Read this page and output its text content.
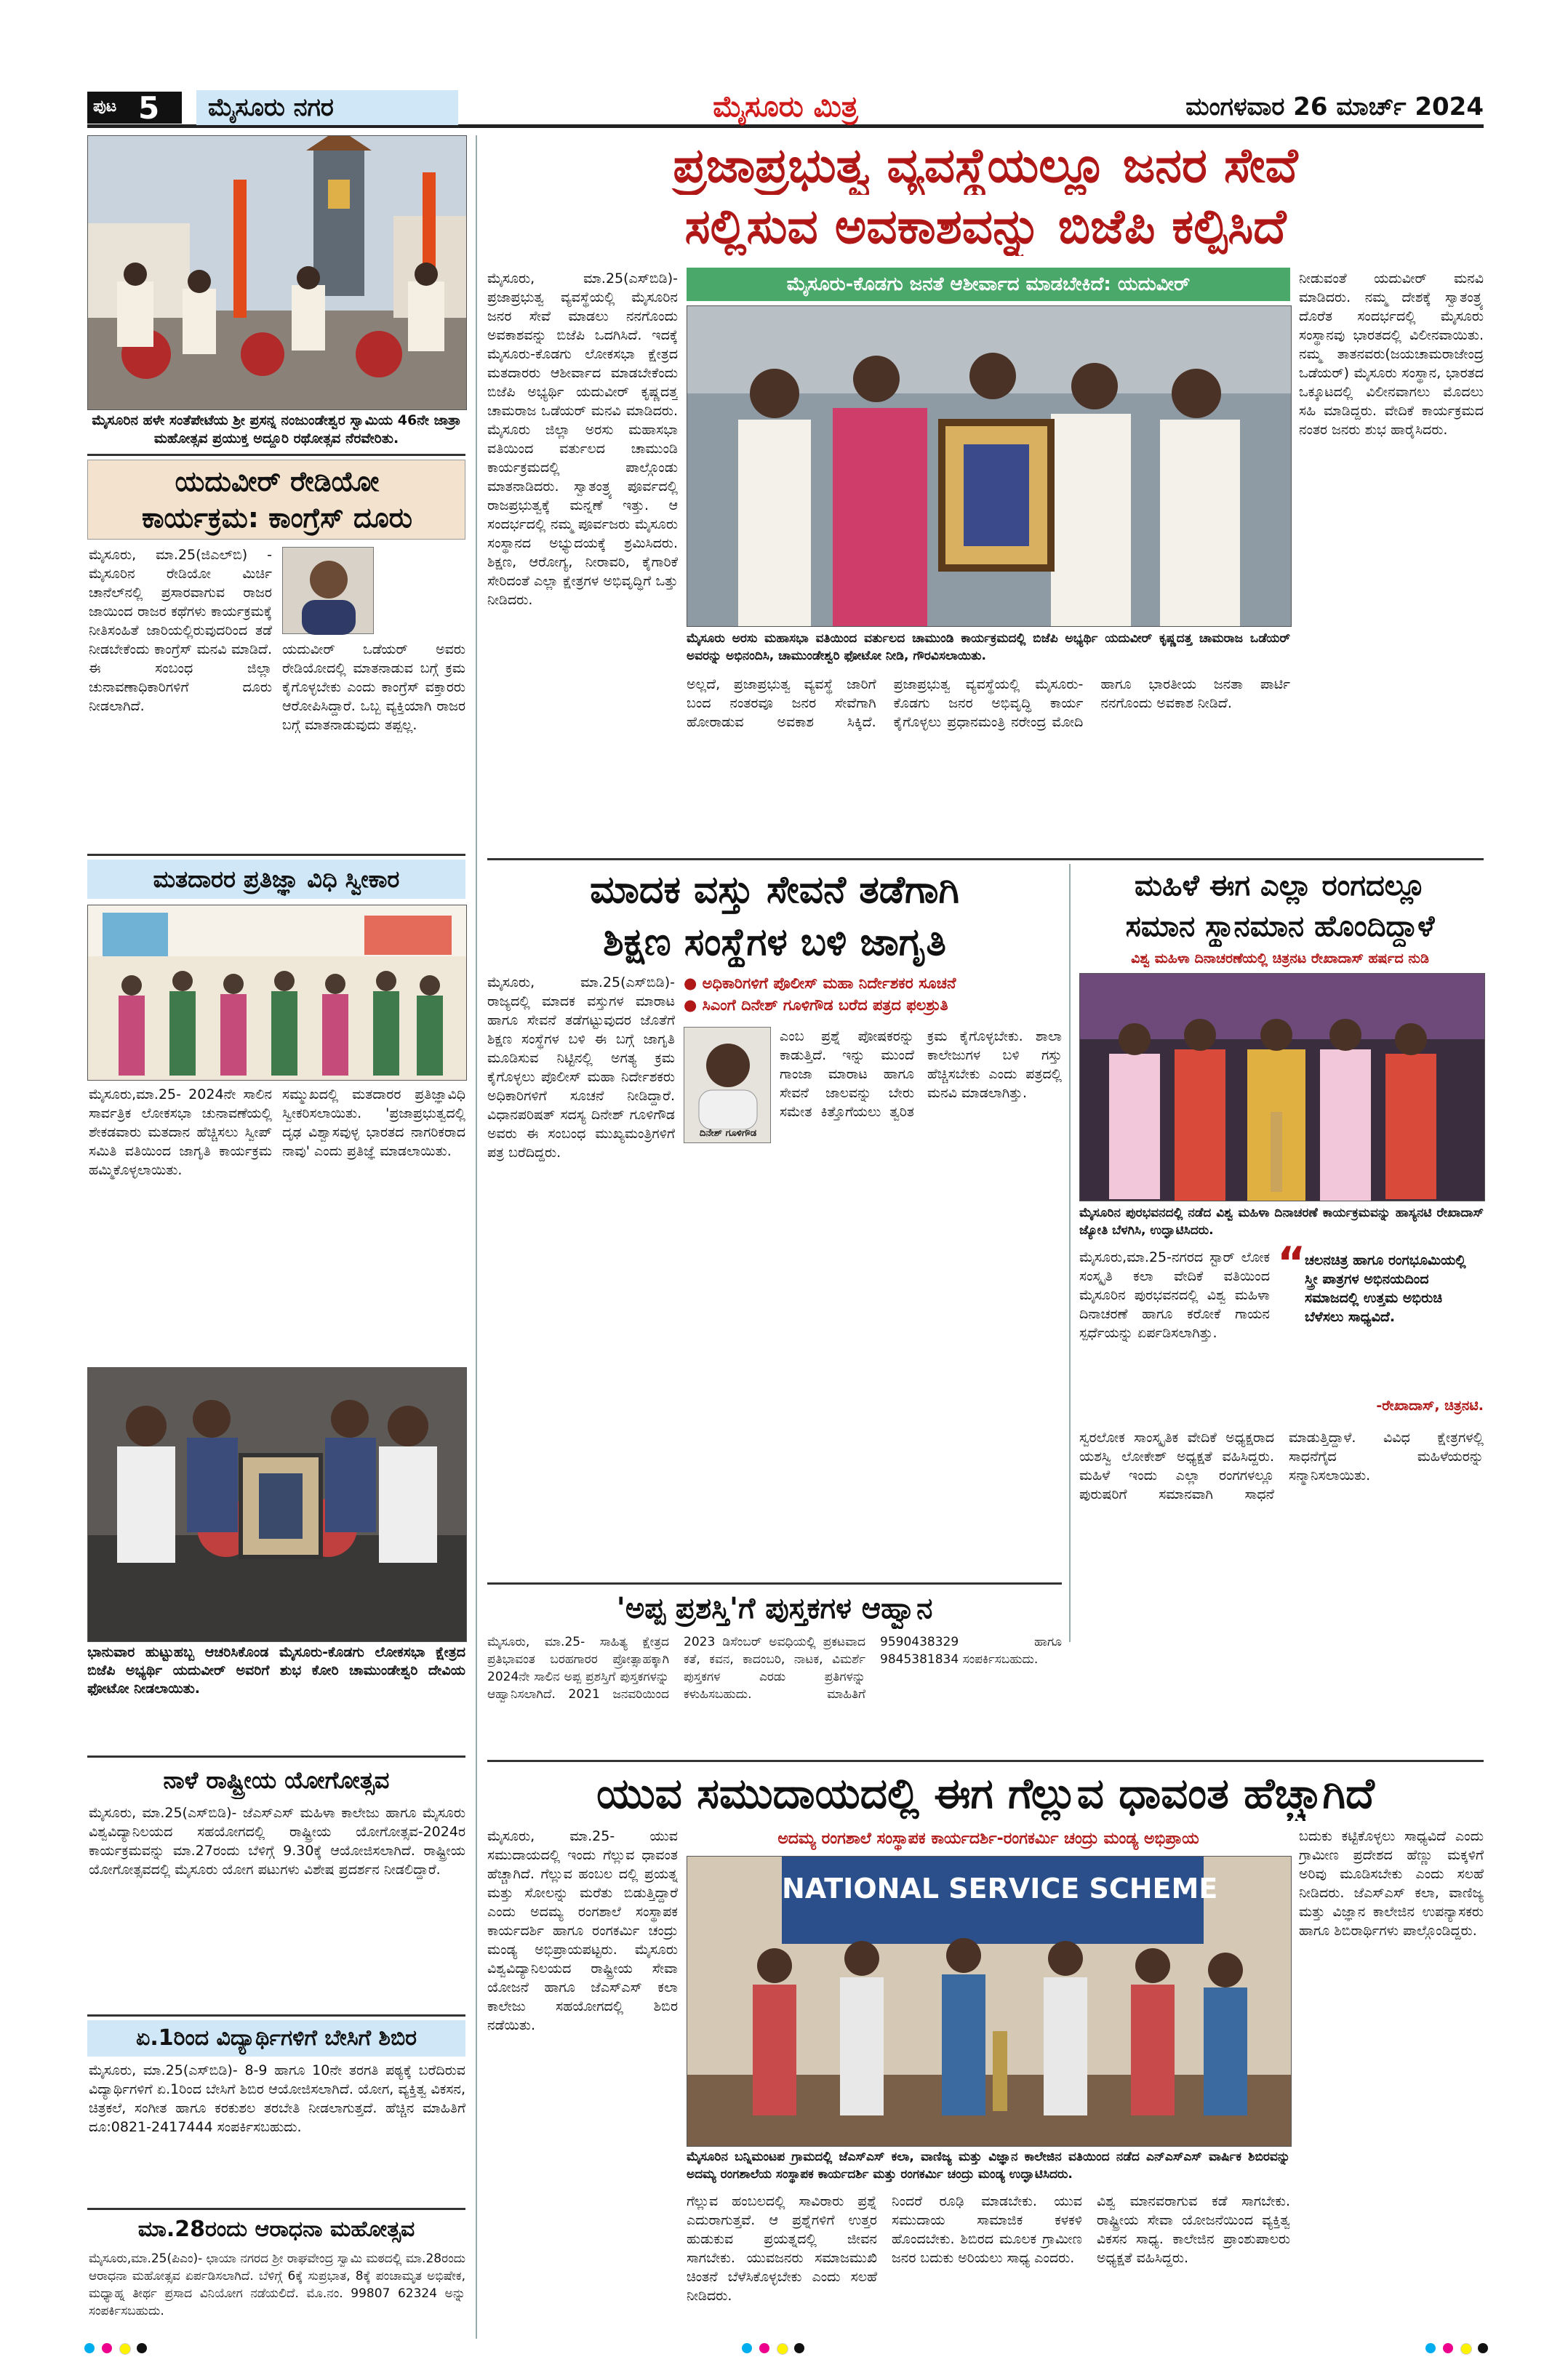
ಪುಟ 5	ಮೈಸೂರು ನಗರ	ಮೈಸೂರು ಮಿತ್ರ	ಮಂಗಳವಾರ 26 ಮಾರ್ಚ್ 2024
ಮೈಸೂರಿನ ಹಳೇ ಸಂತೆಪೇಟೆಯ ಶ್ರೀ ಪ್ರಸನ್ನ ನಂಜುಂಡೇಶ್ವರ ಸ್ವಾಮಿಯ 46ನೇ ಜಾತ್ರಾ ಮಹೋತ್ಸವ ಪ್ರಯುಕ್ತ ಅದ್ದೂರಿ ರಥೋತ್ಸವ ನೆರವೇರಿತು.
ಯದುವೀರ್ ರೇಡಿಯೋ
ಕಾರ್ಯಕ್ರಮ: ಕಾಂಗ್ರೆಸ್ ದೂರು
ಮೈಸೂರು, ಮಾ.25(ಜಿಎಲ್‌ಬಿ) - ಮೈಸೂರಿನ ರೇಡಿಯೋ ಮಿರ್ಚಿ ಚಾನೆಲ್‌ನಲ್ಲಿ ಪ್ರಸಾರವಾಗುವ ರಾಜರ ಜಾಯಿಂದ ರಾಜರ ಕಥೆಗಳು ಕಾರ್ಯಕ್ರಮಕ್ಕೆ ನೀತಿಸಂಹಿತೆ ಜಾರಿಯಲ್ಲಿರುವುದರಿಂದ ತಡೆ ನೀಡಬೇಕೆಂದು ಕಾಂಗ್ರೆಸ್ ಮನವಿ ಮಾಡಿದೆ. ಈ ಸಂಬಂಧ ಜಿಲ್ಲಾ ಚುನಾವಣಾಧಿಕಾರಿಗಳಿಗೆ ದೂರು ನೀಡಲಾಗಿದೆ.
ಯದುವೀರ್ ಒಡೆಯರ್ ಅವರು ರೇಡಿಯೋದಲ್ಲಿ ಮಾತನಾಡುವ ಬಗ್ಗೆ ಕ್ರಮ ಕೈಗೊಳ್ಳಬೇಕು ಎಂದು ಕಾಂಗ್ರೆಸ್ ವಕ್ತಾರರು ಆರೋಪಿಸಿದ್ದಾರೆ. ಒಬ್ಬ ವ್ಯಕ್ತಿಯಾಗಿ ರಾಜರ ಬಗ್ಗೆ ಮಾತನಾಡುವುದು ತಪ್ಪಲ್ಲ.
ಮತದಾರರ ಪ್ರತಿಜ್ಞಾ ವಿಧಿ ಸ್ವೀಕಾರ
ಮೈಸೂರು,ಮಾ.25- 2024ನೇ ಸಾಲಿನ ಸಾರ್ವತ್ರಿಕ ಲೋಕಸಭಾ ಚುನಾವಣೆಯಲ್ಲಿ ಶೇಕಡವಾರು ಮತದಾನ ಹೆಚ್ಚಿಸಲು ಸ್ವೀಪ್ ಸಮಿತಿ ವತಿಯಿಂದ ಜಾಗೃತಿ ಕಾರ್ಯಕ್ರಮ ಹಮ್ಮಿಕೊಳ್ಳಲಾಯಿತು.
ಸಮ್ಮುಖದಲ್ಲಿ ಮತದಾರರ ಪ್ರತಿಜ್ಞಾವಿಧಿ ಸ್ವೀಕರಿಸಲಾಯಿತು. 'ಪ್ರಜಾಪ್ರಭುತ್ವದಲ್ಲಿ ದೃಢ ವಿಶ್ವಾಸವುಳ್ಳ ಭಾರತದ ನಾಗರಿಕರಾದ ನಾವು' ಎಂದು ಪ್ರತಿಜ್ಞೆ ಮಾಡಲಾಯಿತು.
ಭಾನುವಾರ ಹುಟ್ಟುಹಬ್ಬ ಆಚರಿಸಿಕೊಂಡ ಮೈಸೂರು-ಕೊಡಗು ಲೋಕಸಭಾ ಕ್ಷೇತ್ರದ ಬಿಜೆಪಿ ಅಭ್ಯರ್ಥಿ ಯದುವೀರ್ ಅವರಿಗೆ ಶುಭ ಕೋರಿ ಚಾಮುಂಡೇಶ್ವರಿ ದೇವಿಯ ಫೋಟೋ ನೀಡಲಾಯಿತು.
ನಾಳೆ ರಾಷ್ಟ್ರೀಯ ಯೋಗೋತ್ಸವ
ಮೈಸೂರು, ಮಾ.25(ಎಸ್‌ಬಿಡಿ)- ಜೆಎಸ್‌ಎಸ್ ಮಹಿಳಾ ಕಾಲೇಜು ಹಾಗೂ ಮೈಸೂರು ವಿಶ್ವವಿದ್ಯಾನಿಲಯದ ಸಹಯೋಗದಲ್ಲಿ ರಾಷ್ಟ್ರೀಯ ಯೋಗೋತ್ಸವ-2024ರ ಕಾರ್ಯಕ್ರಮವನ್ನು ಮಾ.27ರಂದು ಬೆಳಿಗ್ಗೆ 9.30ಕ್ಕೆ ಆಯೋಜಿಸಲಾಗಿದೆ. ರಾಷ್ಟ್ರೀಯ ಯೋಗೋತ್ಸವದಲ್ಲಿ ಮೈಸೂರು ಯೋಗ ಪಟುಗಳು ವಿಶೇಷ ಪ್ರದರ್ಶನ ನೀಡಲಿದ್ದಾರೆ.
ಏ.1ರಿಂದ ವಿದ್ಯಾರ್ಥಿಗಳಿಗೆ ಬೇಸಿಗೆ ಶಿಬಿರ
ಮೈಸೂರು, ಮಾ.25(ಎಸ್‌ಬಿಡಿ)- 8-9 ಹಾಗೂ 10ನೇ ತರಗತಿ ಪಠ್ಯಕ್ಕೆ ಬರೆದಿರುವ ವಿದ್ಯಾರ್ಥಿಗಳಿಗೆ ಏ.1ರಿಂದ ಬೇಸಿಗೆ ಶಿಬಿರ ಆಯೋಜಿಸಲಾಗಿದೆ. ಯೋಗ, ವ್ಯಕ್ತಿತ್ವ ವಿಕಸನ, ಚಿತ್ರಕಲೆ, ಸಂಗೀತ ಹಾಗೂ ಕರಕುಶಲ ತರಬೇತಿ ನೀಡಲಾಗುತ್ತದೆ. ಹೆಚ್ಚಿನ ಮಾಹಿತಿಗೆ ದೂ:0821-2417444 ಸಂಪರ್ಕಿಸಬಹುದು.
ಮಾ.28ರಂದು ಆರಾಧನಾ ಮಹೋತ್ಸವ
ಮೈಸೂರು,ಮಾ.25(ಪಿಎಂ)- ಛಾಯಾ ನಗರದ ಶ್ರೀ ರಾಘವೇಂದ್ರ ಸ್ವಾಮಿ ಮಠದಲ್ಲಿ ಮಾ.28ರಂದು ಆರಾಧನಾ ಮಹೋತ್ಸವ ಏರ್ಪಡಿಸಲಾಗಿದೆ. ಬೆಳಿಗ್ಗೆ 6ಕ್ಕೆ ಸುಪ್ರಭಾತ, 8ಕ್ಕೆ ಪಂಚಾಮೃತ ಅಭಿಷೇಕ, ಮಧ್ಯಾಹ್ನ ತೀರ್ಥ ಪ್ರಸಾದ ವಿನಿಯೋಗ ನಡೆಯಲಿದೆ. ಮೊ.ನಂ. 99807 62324 ಅನ್ನು ಸಂಪರ್ಕಿಸಬಹುದು.
ಪ್ರಜಾಪ್ರಭುತ್ವ ವ್ಯವಸ್ಥೆಯಲ್ಲೂ ಜನರ ಸೇವೆ
ಸಲ್ಲಿಸುವ ಅವಕಾಶವನ್ನು ಬಿಜೆಪಿ ಕಲ್ಪಿಸಿದೆ
ಮೈಸೂರು, ಮಾ.25(ಎಸ್‌ಬಿಡಿ)- ಪ್ರಜಾಪ್ರಭುತ್ವ ವ್ಯವಸ್ಥೆಯಲ್ಲಿ ಮೈಸೂರಿನ ಜನರ ಸೇವೆ ಮಾಡಲು ನನಗೊಂದು ಅವಕಾಶವನ್ನು ಬಿಜೆಪಿ ಒದಗಿಸಿದೆ. ಇದಕ್ಕೆ ಮೈಸೂರು-ಕೊಡಗು ಲೋಕಸಭಾ ಕ್ಷೇತ್ರದ ಮತದಾರರು ಆಶೀರ್ವಾದ ಮಾಡಬೇಕೆಂದು ಬಿಜೆಪಿ ಅಭ್ಯರ್ಥಿ ಯದುವೀರ್ ಕೃಷ್ಣದತ್ತ ಚಾಮರಾಜ ಒಡೆಯರ್ ಮನವಿ ಮಾಡಿದರು. ಮೈಸೂರು ಜಿಲ್ಲಾ ಅರಸು ಮಹಾಸಭಾ ವತಿಯಿಂದ ವರ್ತುಲದ ಚಾಮುಂಡಿ ಕಾರ್ಯಕ್ರಮದಲ್ಲಿ ಪಾಲ್ಗೊಂಡು ಮಾತನಾಡಿದರು. ಸ್ವಾತಂತ್ರ್ಯ ಪೂರ್ವದಲ್ಲಿ ರಾಜಪ್ರಭುತ್ವಕ್ಕೆ ಮನ್ನಣೆ ಇತ್ತು. ಆ ಸಂದರ್ಭದಲ್ಲಿ ನಮ್ಮ ಪೂರ್ವಜರು ಮೈಸೂರು ಸಂಸ್ಥಾನದ ಅಭ್ಯುದಯಕ್ಕೆ ಶ್ರಮಿಸಿದರು. ಶಿಕ್ಷಣ, ಆರೋಗ್ಯ, ನೀರಾವರಿ, ಕೈಗಾರಿಕೆ ಸೇರಿದಂತೆ ಎಲ್ಲಾ ಕ್ಷೇತ್ರಗಳ ಅಭಿವೃದ್ಧಿಗೆ ಒತ್ತು ನೀಡಿದರು.
ಮೈಸೂರು-ಕೊಡಗು ಜನತೆ ಆಶೀರ್ವಾದ ಮಾಡಬೇಕಿದೆ: ಯದುವೀರ್
ಮೈಸೂರು ಅರಸು ಮಹಾಸಭಾ ವತಿಯಿಂದ ವರ್ತುಲದ ಚಾಮುಂಡಿ ಕಾರ್ಯಕ್ರಮದಲ್ಲಿ ಬಿಜೆಪಿ ಅಭ್ಯರ್ಥಿ ಯದುವೀರ್ ಕೃಷ್ಣದತ್ತ ಚಾಮರಾಜ ಒಡೆಯರ್ ಅವರನ್ನು ಅಭಿನಂದಿಸಿ, ಚಾಮುಂಡೇಶ್ವರಿ ಫೋಟೋ ನೀಡಿ, ಗೌರವಿಸಲಾಯಿತು.
ಅಲ್ಲದೆ, ಪ್ರಜಾಪ್ರಭುತ್ವ ವ್ಯವಸ್ಥೆ ಜಾರಿಗೆ ಬಂದ ನಂತರವೂ ಜನರ ಸೇವೆಗಾಗಿ ಹೋರಾಡುವ ಅವಕಾಶ ಸಿಕ್ಕಿದೆ. ಪ್ರಜಾಪ್ರಭುತ್ವ ವ್ಯವಸ್ಥೆಯಲ್ಲಿ ಮೈಸೂರು-ಕೊಡಗು ಜನರ ಅಭಿವೃದ್ಧಿ ಕಾರ್ಯ ಕೈಗೊಳ್ಳಲು ಪ್ರಧಾನಮಂತ್ರಿ ನರೇಂದ್ರ ಮೋದಿ ಹಾಗೂ ಭಾರತೀಯ ಜನತಾ ಪಾರ್ಟಿ ನನಗೊಂದು ಅವಕಾಶ ನೀಡಿದೆ.
ನೀಡುವಂತೆ ಯದುವೀರ್ ಮನವಿ ಮಾಡಿದರು. ನಮ್ಮ ದೇಶಕ್ಕೆ ಸ್ವಾತಂತ್ರ್ಯ ದೊರೆತ ಸಂದರ್ಭದಲ್ಲಿ ಮೈಸೂರು ಸಂಸ್ಥಾನವು ಭಾರತದಲ್ಲಿ ವಿಲೀನವಾಯಿತು. ನಮ್ಮ ತಾತನವರು(ಜಯಚಾಮರಾಜೇಂದ್ರ ಒಡೆಯರ್) ಮೈಸೂರು ಸಂಸ್ಥಾನ, ಭಾರತದ ಒಕ್ಕೂಟದಲ್ಲಿ ವಿಲೀನವಾಗಲು ಮೊದಲು ಸಹಿ ಮಾಡಿದ್ದರು. ವೇದಿಕೆ ಕಾರ್ಯಕ್ರಮದ ನಂತರ ಜನರು ಶುಭ ಹಾರೈಸಿದರು.
ಮಾದಕ ವಸ್ತು ಸೇವನೆ ತಡೆಗಾಗಿ
ಶಿಕ್ಷಣ ಸಂಸ್ಥೆಗಳ ಬಳಿ ಜಾಗೃತಿ
● ಅಧಿಕಾರಿಗಳಿಗೆ ಪೊಲೀಸ್ ಮಹಾ ನಿರ್ದೇಶಕರ ಸೂಚನೆ
● ಸಿಎಂಗೆ ದಿನೇಶ್ ಗೂಳಿಗೌಡ ಬರೆದ ಪತ್ರದ ಫಲಶ್ರುತಿ
ಮೈಸೂರು, ಮಾ.25(ಎಸ್‌ಬಿಡಿ)- ರಾಜ್ಯದಲ್ಲಿ ಮಾದಕ ವಸ್ತುಗಳ ಮಾರಾಟ ಹಾಗೂ ಸೇವನೆ ತಡೆಗಟ್ಟುವುದರ ಜೊತೆಗೆ ಶಿಕ್ಷಣ ಸಂಸ್ಥೆಗಳ ಬಳಿ ಈ ಬಗ್ಗೆ ಜಾಗೃತಿ ಮೂಡಿಸುವ ನಿಟ್ಟಿನಲ್ಲಿ ಅಗತ್ಯ ಕ್ರಮ ಕೈಗೊಳ್ಳಲು ಪೊಲೀಸ್ ಮಹಾ ನಿರ್ದೇಶಕರು ಅಧಿಕಾರಿಗಳಿಗೆ ಸೂಚನೆ ನೀಡಿದ್ದಾರೆ. ವಿಧಾನಪರಿಷತ್ ಸದಸ್ಯ ದಿನೇಶ್ ಗೂಳಿಗೌಡ ಅವರು ಈ ಸಂಬಂಧ ಮುಖ್ಯಮಂತ್ರಿಗಳಿಗೆ ಪತ್ರ ಬರೆದಿದ್ದರು.
ದಿನೇಶ್ ಗೂಳಿಗೌಡ
ಎಂಬ ಪ್ರಶ್ನೆ ಪೋಷಕರನ್ನು ಕಾಡುತ್ತಿದೆ. ಇನ್ನು ಮುಂದೆ ಗಾಂಜಾ ಮಾರಾಟ ಹಾಗೂ ಸೇವನೆ ಜಾಲವನ್ನು ಬೇರು ಸಮೇತ ಕಿತ್ತೊಗೆಯಲು ತ್ವರಿತ ಕ್ರಮ ಕೈಗೊಳ್ಳಬೇಕು. ಶಾಲಾ ಕಾಲೇಜುಗಳ ಬಳಿ ಗಸ್ತು ಹೆಚ್ಚಿಸಬೇಕು ಎಂದು ಪತ್ರದಲ್ಲಿ ಮನವಿ ಮಾಡಲಾಗಿತ್ತು.
ಮಹಿಳೆ ಈಗ ಎಲ್ಲಾ ರಂಗದಲ್ಲೂ
ಸಮಾನ ಸ್ಥಾನಮಾನ ಹೊಂದಿದ್ದಾಳೆ
ವಿಶ್ವ ಮಹಿಳಾ ದಿನಾಚರಣೆಯಲ್ಲಿ ಚಿತ್ರನಟ ರೇಖಾದಾಸ್ ಹರ್ಷದ ನುಡಿ
ಮೈಸೂರಿನ ಪುರಭವನದಲ್ಲಿ ನಡೆದ ವಿಶ್ವ ಮಹಿಳಾ ದಿನಾಚರಣೆ ಕಾರ್ಯಕ್ರಮವನ್ನು ಹಾಸ್ಯನಟಿ ರೇಖಾದಾಸ್ ಜ್ಯೋತಿ ಬೆಳಗಿಸಿ, ಉದ್ಘಾಟಿಸಿದರು.
ಮೈಸೂರು,ಮಾ.25-ನಗರದ ಸ್ಟಾರ್ ಲೋಕ ಸಂಸ್ಕೃತಿ ಕಲಾ ವೇದಿಕೆ ವತಿಯಿಂದ ಮೈಸೂರಿನ ಪುರಭವನದಲ್ಲಿ ವಿಶ್ವ ಮಹಿಳಾ ದಿನಾಚರಣೆ ಹಾಗೂ ಕರೋಕೆ ಗಾಯನ ಸ್ಪರ್ಧೆಯನ್ನು ಏರ್ಪಡಿಸಲಾಗಿತ್ತು.
“
ಚಲನಚಿತ್ರ ಹಾಗೂ ರಂಗಭೂಮಿಯಲ್ಲಿ ಸ್ತ್ರೀ ಪಾತ್ರಗಳ ಅಭಿನಯದಿಂದ ಸಮಾಜದಲ್ಲಿ ಉತ್ತಮ ಅಭಿರುಚಿ ಬೆಳೆಸಲು ಸಾಧ್ಯವಿದೆ.
-ರೇಖಾದಾಸ್, ಚಿತ್ರನಟಿ.
ಸ್ವರಲೋಕ ಸಾಂಸ್ಕೃತಿಕ ವೇದಿಕೆ ಅಧ್ಯಕ್ಷರಾದ ಯಶಸ್ವಿ ಲೋಕೇಶ್ ಅಧ್ಯಕ್ಷತೆ ವಹಿಸಿದ್ದರು. ಮಹಿಳೆ ಇಂದು ಎಲ್ಲಾ ರಂಗಗಳಲ್ಲೂ ಪುರುಷರಿಗೆ ಸಮಾನವಾಗಿ ಸಾಧನೆ ಮಾಡುತ್ತಿದ್ದಾಳೆ. ವಿವಿಧ ಕ್ಷೇತ್ರಗಳಲ್ಲಿ ಸಾಧನೆಗೈದ ಮಹಿಳೆಯರನ್ನು ಸನ್ಮಾನಿಸಲಾಯಿತು.
'ಅಪ್ಪ ಪ್ರಶಸ್ತಿ'ಗೆ ಪುಸ್ತಕಗಳ ಆಹ್ವಾನ
ಮೈಸೂರು, ಮಾ.25- ಸಾಹಿತ್ಯ ಕ್ಷೇತ್ರದ ಪ್ರತಿಭಾವಂತ ಬರಹಗಾರರ ಪ್ರೋತ್ಸಾಹಕ್ಕಾಗಿ 2024ನೇ ಸಾಲಿನ ಅಪ್ಪ ಪ್ರಶಸ್ತಿಗೆ ಪುಸ್ತಕಗಳನ್ನು ಆಹ್ವಾನಿಸಲಾಗಿದೆ. 2021 ಜನವರಿಯಿಂದ 2023 ಡಿಸೆಂಬರ್ ಅವಧಿಯಲ್ಲಿ ಪ್ರಕಟವಾದ ಕತೆ, ಕವನ, ಕಾದಂಬರಿ, ನಾಟಕ, ವಿಮರ್ಶೆ ಪುಸ್ತಕಗಳ ಎರಡು ಪ್ರತಿಗಳನ್ನು ಕಳುಹಿಸಬಹುದು. ಮಾಹಿತಿಗೆ 9590438329 ಹಾಗೂ 9845381834 ಸಂಪರ್ಕಿಸಬಹುದು.
ಯುವ ಸಮುದಾಯದಲ್ಲಿ ಈಗ ಗೆಲ್ಲುವ ಧಾವಂತ ಹೆಚ್ಚಾಗಿದೆ
ಮೈಸೂರು, ಮಾ.25- ಯುವ ಸಮುದಾಯದಲ್ಲಿ ಇಂದು ಗೆಲ್ಲುವ ಧಾವಂತ ಹೆಚ್ಚಾಗಿದೆ. ಗೆಲ್ಲುವ ಹಂಬಲ ದಲ್ಲಿ ಪ್ರಯತ್ನ ಮತ್ತು ಸೋಲನ್ನು ಮರೆತು ಬಿಡುತ್ತಿದ್ದಾರೆ ಎಂದು ಅದಮ್ಯ ರಂಗಶಾಲೆ ಸಂಸ್ಥಾಪಕ ಕಾರ್ಯದರ್ಶಿ ಹಾಗೂ ರಂಗಕರ್ಮಿ ಚಂದ್ರು ಮಂಡ್ಯ ಅಭಿಪ್ರಾಯಪಟ್ಟರು. ಮೈಸೂರು ವಿಶ್ವವಿದ್ಯಾನಿಲಯದ ರಾಷ್ಟ್ರೀಯ ಸೇವಾ ಯೋಜನೆ ಹಾಗೂ ಜೆಎಸ್‌ಎಸ್ ಕಲಾ ಕಾಲೇಜು ಸಹಯೋಗದಲ್ಲಿ ಶಿಬಿರ ನಡೆಯಿತು.
ಅದಮ್ಯ ರಂಗಶಾಲೆ ಸಂಸ್ಥಾಪಕ ಕಾರ್ಯದರ್ಶಿ-ರಂಗಕರ್ಮಿ ಚಂದ್ರು ಮಂಡ್ಯ ಅಭಿಪ್ರಾಯ
NATIONAL SERVICE SCHEME
ಮೈಸೂರಿನ ಬನ್ನಿಮಂಟಪ ಗ್ರಾಮದಲ್ಲಿ ಜೆಎಸ್‌ಎಸ್ ಕಲಾ, ವಾಣಿಜ್ಯ ಮತ್ತು ವಿಜ್ಞಾನ ಕಾಲೇಜಿನ ವತಿಯಿಂದ ನಡೆದ ಎನ್‌ಎಸ್‌ಎಸ್ ವಾರ್ಷಿಕ ಶಿಬಿರವನ್ನು ಅದಮ್ಯ ರಂಗಶಾಲೆಯ ಸಂಸ್ಥಾಪಕ ಕಾರ್ಯದರ್ಶಿ ಮತ್ತು ರಂಗಕರ್ಮಿ ಚಂದ್ರು ಮಂಡ್ಯ ಉದ್ಘಾಟಿಸಿದರು.
ಗೆಲ್ಲುವ ಹಂಬಲದಲ್ಲಿ ಸಾವಿರಾರು ಪ್ರಶ್ನೆ ಎದುರಾಗುತ್ತವೆ. ಆ ಪ್ರಶ್ನೆಗಳಿಗೆ ಉತ್ತರ ಹುಡುಕುವ ಪ್ರಯತ್ನದಲ್ಲಿ ಜೀವನ ಸಾಗಬೇಕು. ಯುವಜನರು ಸಮಾಜಮುಖಿ ಚಿಂತನೆ ಬೆಳೆಸಿಕೊಳ್ಳಬೇಕು ಎಂದು ಸಲಹೆ ನೀಡಿದರು.
ನಿಂದರೆ ರೂಢಿ ಮಾಡಬೇಕು. ಯುವ ಸಮುದಾಯ ಸಾಮಾಜಿಕ ಕಳಕಳಿ ಹೊಂದಬೇಕು. ಶಿಬಿರದ ಮೂಲಕ ಗ್ರಾಮೀಣ ಜನರ ಬದುಕು ಅರಿಯಲು ಸಾಧ್ಯ ಎಂದರು.
ವಿಶ್ವ ಮಾನವರಾಗುವ ಕಡೆ ಸಾಗಬೇಕು. ರಾಷ್ಟ್ರೀಯ ಸೇವಾ ಯೋಜನೆಯಿಂದ ವ್ಯಕ್ತಿತ್ವ ವಿಕಸನ ಸಾಧ್ಯ. ಕಾಲೇಜಿನ ಪ್ರಾಂಶುಪಾಲರು ಅಧ್ಯಕ್ಷತೆ ವಹಿಸಿದ್ದರು.
ಬದುಕು ಕಟ್ಟಿಕೊಳ್ಳಲು ಸಾಧ್ಯವಿದೆ ಎಂದು ಗ್ರಾಮೀಣ ಪ್ರದೇಶದ ಹೆಣ್ಣು ಮಕ್ಕಳಿಗೆ ಅರಿವು ಮೂಡಿಸಬೇಕು ಎಂದು ಸಲಹೆ ನೀಡಿದರು. ಜೆಎಸ್‌ಎಸ್ ಕಲಾ, ವಾಣಿಜ್ಯ ಮತ್ತು ವಿಜ್ಞಾನ ಕಾಲೇಜಿನ ಉಪನ್ಯಾಸಕರು ಹಾಗೂ ಶಿಬಿರಾರ್ಥಿಗಳು ಪಾಲ್ಗೊಂಡಿದ್ದರು.
